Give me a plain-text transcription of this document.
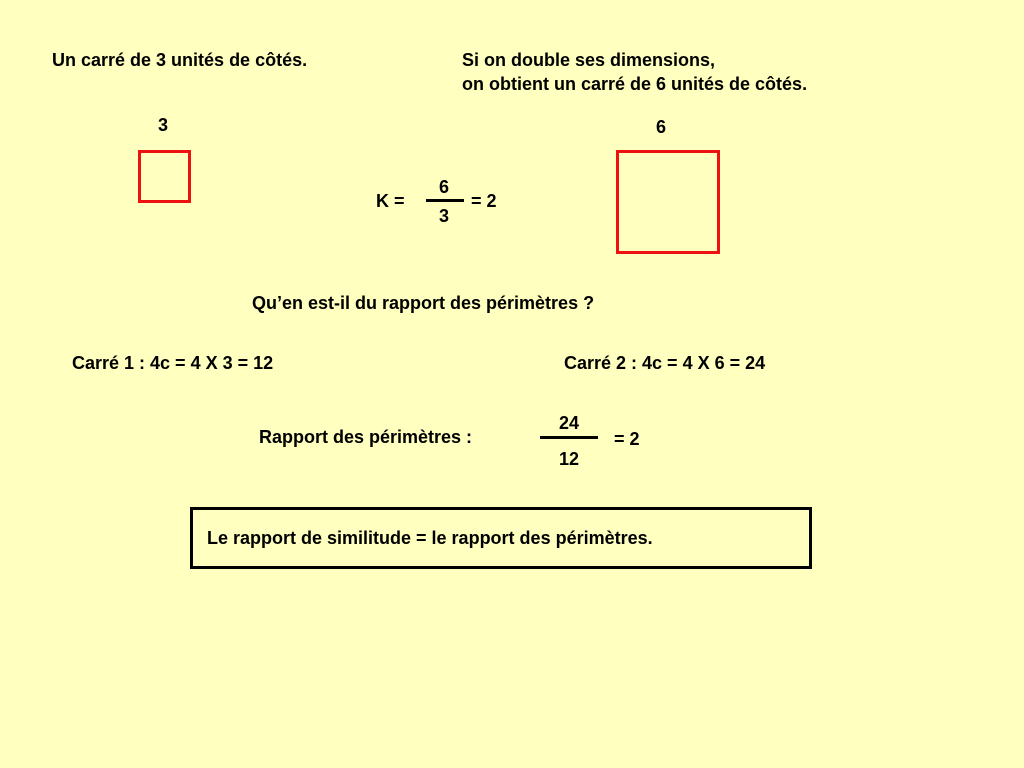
Un carré de 3 unités de côtés.	Si on double ses dimensions,
on obtient un carré de 6 unités de côtés.
3	6
K =
6
3
= 2
Qu’en est-il du rapport des périmètres ?
Carré 1 : 4c = 4 X 3 = 12	Carré 2 : 4c = 4 X 6 = 24
Rapport des périmètres :
24
12
= 2
Le rapport de similitude = le rapport des périmètres.
